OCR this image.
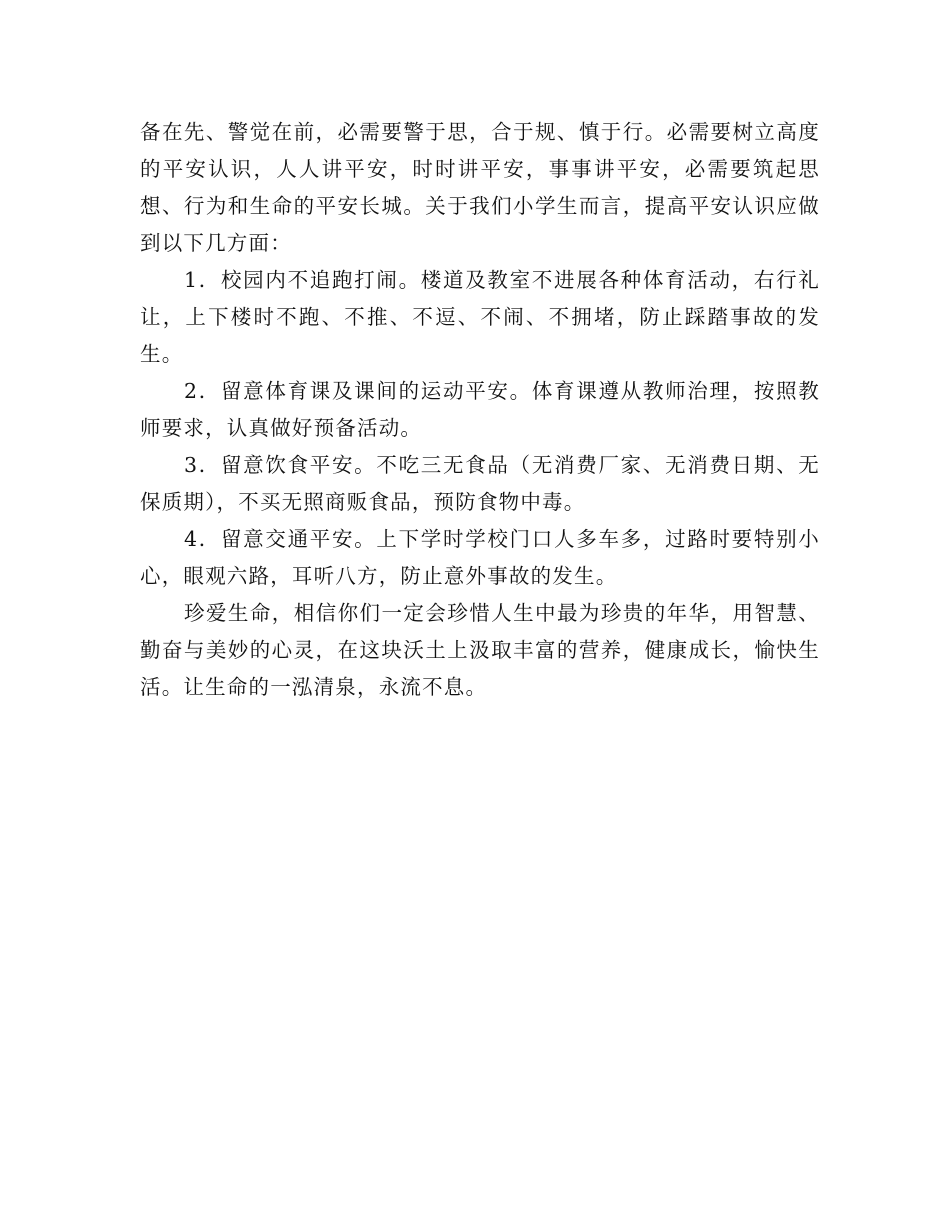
备在先、警觉在前，必需要警于思，合于规、慎于行。必需要树立高度的平安认识，人人讲平安，时时讲平安，事事讲平安，必需要筑起思想、行为和生命的平安长城。关于我们小学生而言，提高平安认识应做到以下几方面：

1．校园内不追跑打闹。楼道及教室不进展各种体育活动，右行礼让，上下楼时不跑、不推、不逗、不闹、不拥堵，防止踩踏事故的发生。

2．留意体育课及课间的运动平安。体育课遵从教师治理，按照教师要求，认真做好预备活动。

3．留意饮食平安。不吃三无食品（无消费厂家、无消费日期、无保质期），不买无照商贩食品，预防食物中毒。

4．留意交通平安。上下学时学校门口人多车多，过路时要特别小心，眼观六路，耳听八方，防止意外事故的发生。

珍爱生命，相信你们一定会珍惜人生中最为珍贵的年华，用智慧、勤奋与美妙的心灵，在这块沃土上汲取丰富的营养，健康成长，愉快生活。让生命的一泓清泉，永流不息。
